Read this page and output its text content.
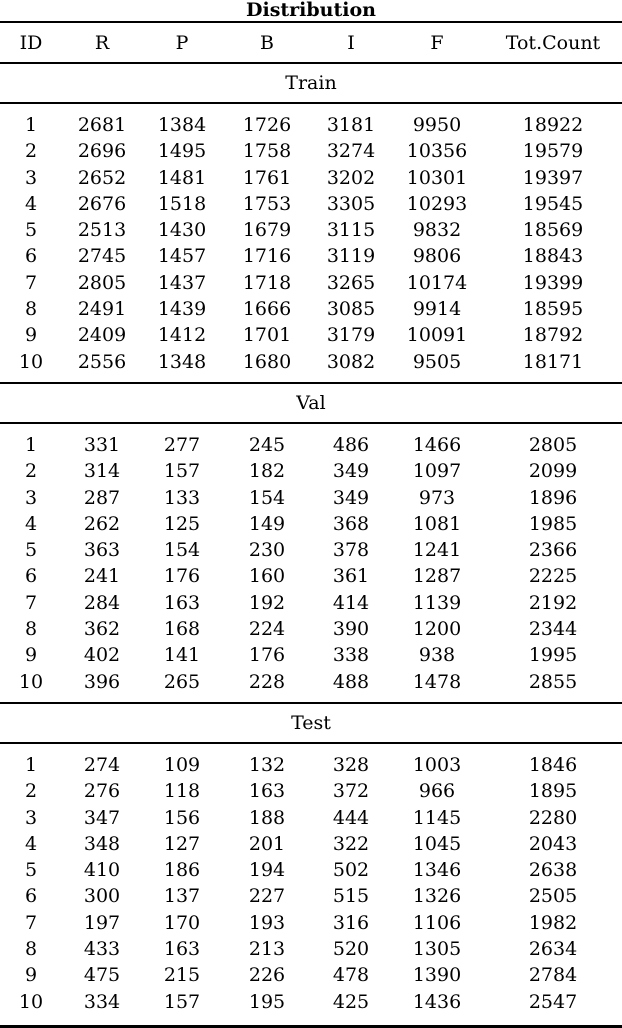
Distribution
ID	R	P	B	I	F	Tot.Count
Train						

1	2681	1384	1726	3181	9950	18922
2	2696	1495	1758	3274	10356	19579
3	2652	1481	1761	3202	10301	19397
4	2676	1518	1753	3305	10293	19545
5	2513	1430	1679	3115	9832	18569
6	2745	1457	1716	3119	9806	18843
7	2805	1437	1718	3265	10174	19399
8	2491	1439	1666	3085	9914	18595
9	2409	1412	1701	3179	10091	18792
10	2556	1348	1680	3082	9505	18171

Val						

1	331	277	245	486	1466	2805
2	314	157	182	349	1097	2099
3	287	133	154	349	973	1896
4	262	125	149	368	1081	1985
5	363	154	230	378	1241	2366
6	241	176	160	361	1287	2225
7	284	163	192	414	1139	2192
8	362	168	224	390	1200	2344
9	402	141	176	338	938	1995
10	396	265	228	488	1478	2855

Test						

1	274	109	132	328	1003	1846
2	276	118	163	372	966	1895
3	347	156	188	444	1145	2280
4	348	127	201	322	1045	2043
5	410	186	194	502	1346	2638
6	300	137	227	515	1326	2505
7	197	170	193	316	1106	1982
8	433	163	213	520	1305	2634
9	475	215	226	478	1390	2784
10	334	157	195	425	1436	2547
